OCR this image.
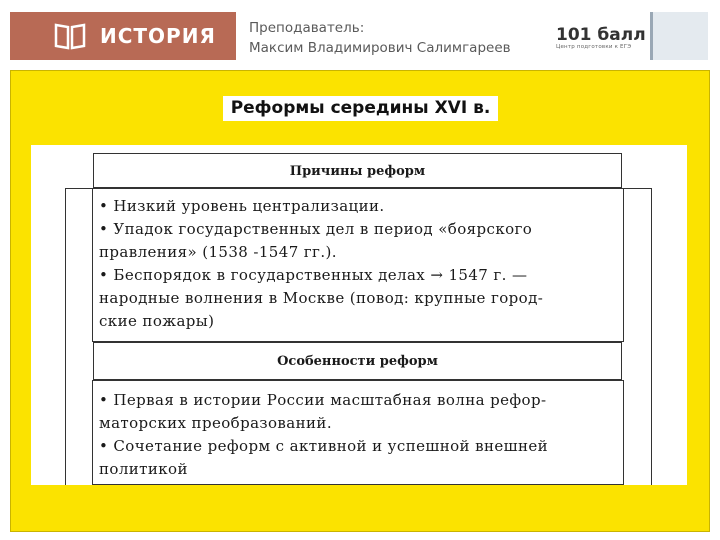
ИСТОРИЯ Преподаватель:
Максим Владимирович Салимгареев
101 балл
Центр подготовки к ЕГЭ
Реформы середины XVI в.
Причины реформ
• Низкий уровень централизации.
• Упадок государственных дел в период «боярского
правления» (1538 -1547 гг.).
• Беспорядок в государственных делах → 1547 г. —
народные волнения в Москве (повод: крупные город-
ские пожары)
Особенности реформ
• Первая в истории России масштабная волна рефор-
маторских преобразований.
• Сочетание реформ с активной и успешной внешней
политикой
